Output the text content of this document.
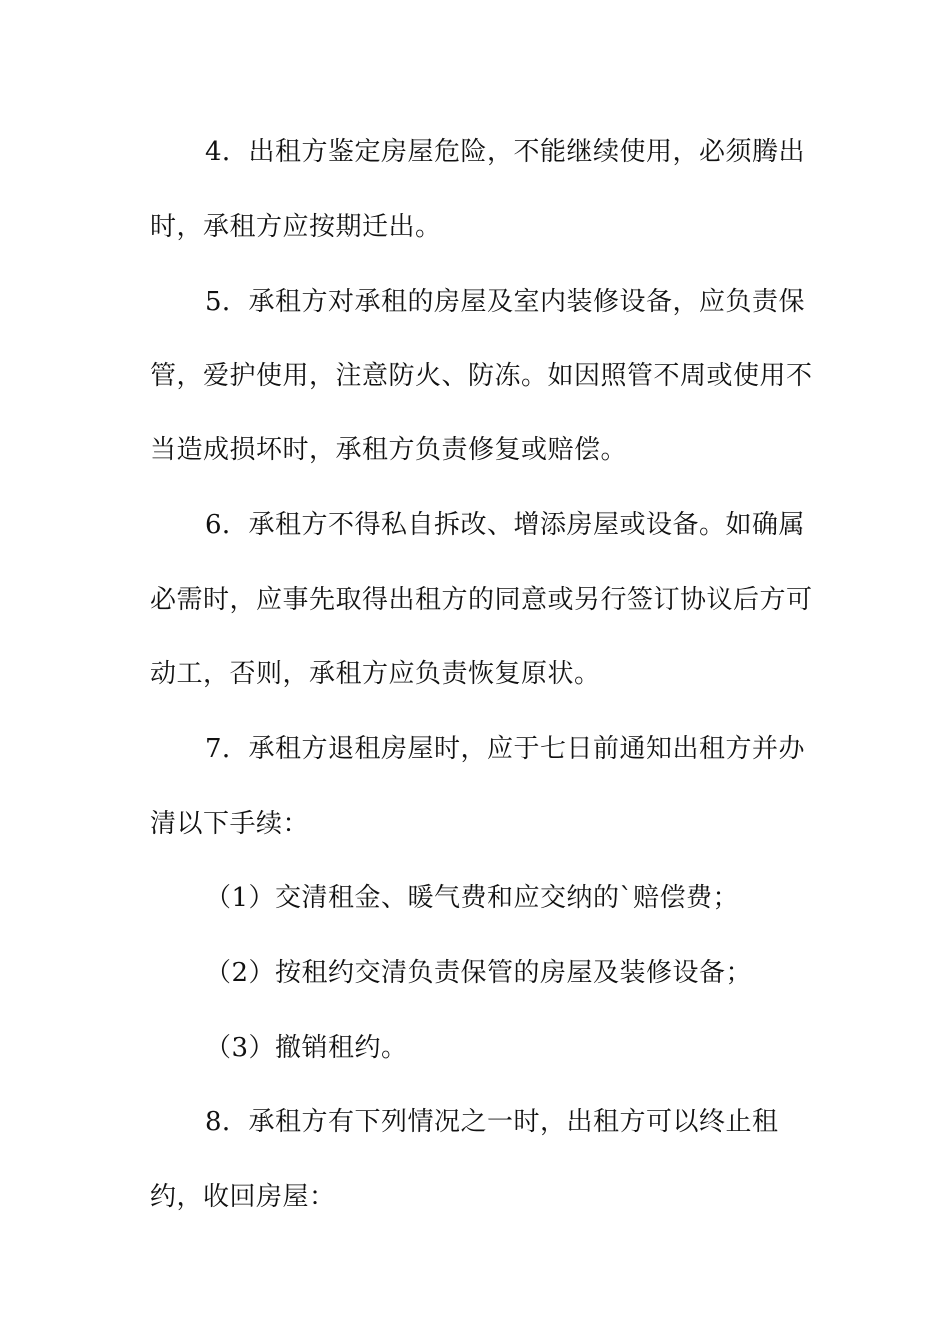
4．出租方鉴定房屋危险，不能继续使用，必须腾出
时，承租方应按期迁出。
5．承租方对承租的房屋及室内装修设备，应负责保
管，爱护使用，注意防火、防冻。如因照管不周或使用不
当造成损坏时，承租方负责修复或赔偿。
6．承租方不得私自拆改、增添房屋或设备。如确属
必需时，应事先取得出租方的同意或另行签订协议后方可
动工，否则，承租方应负责恢复原状。
7．承租方退租房屋时，应于七日前通知出租方并办
清以下手续：
（1）交清租金、暖气费和应交纳的`赔偿费；
（2）按租约交清负责保管的房屋及装修设备；
（3）撤销租约。
8．承租方有下列情况之一时，出租方可以终止租
约，收回房屋：
